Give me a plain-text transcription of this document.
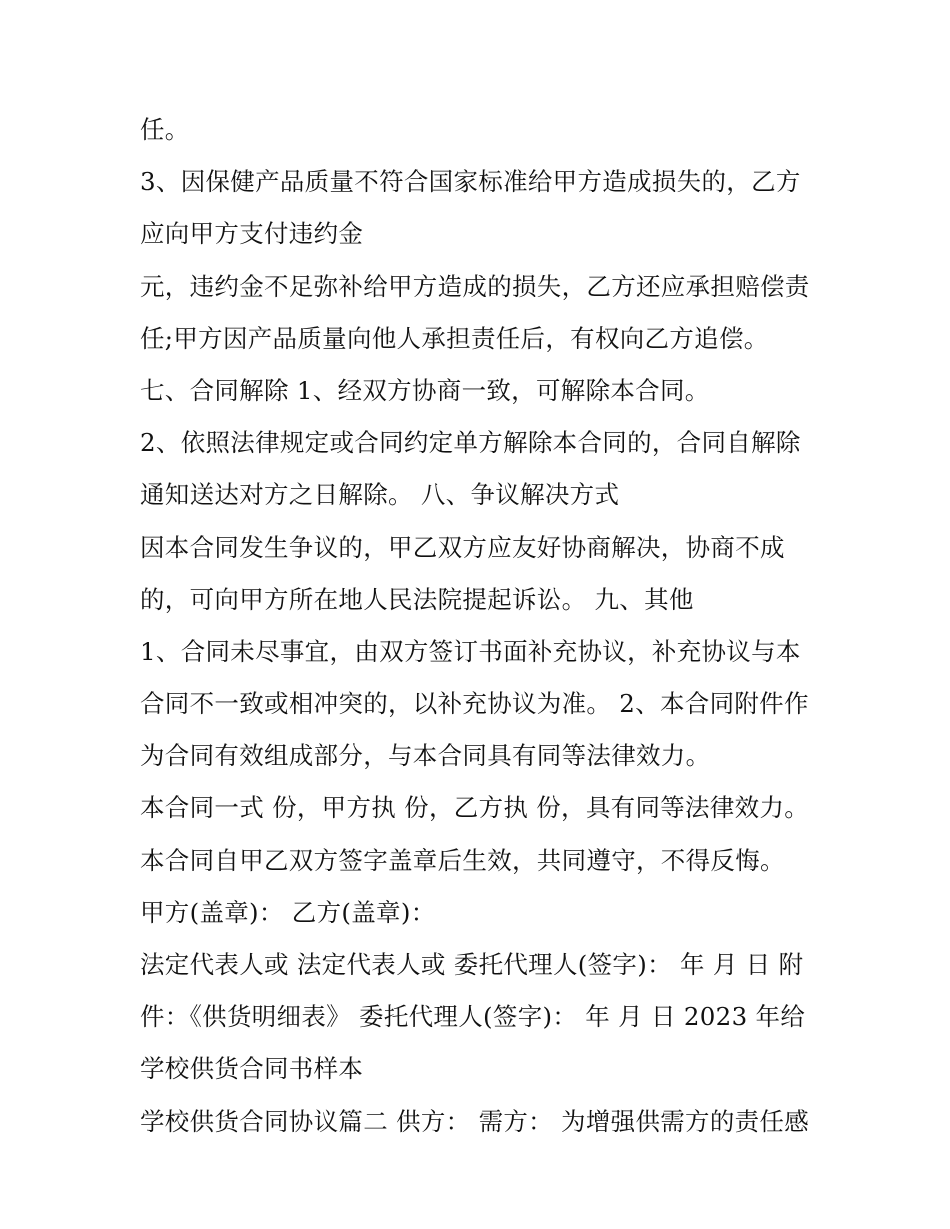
任。
3、因保健产品质量不符合国家标准给甲方造成损失的，乙方
应向甲方支付违约金
元，违约金不足弥补给甲方造成的损失，乙方还应承担赔偿责
任;甲方因产品质量向他人承担责任后，有权向乙方追偿。
七、合同解除 1、经双方协商一致，可解除本合同。
2、依照法律规定或合同约定单方解除本合同的，合同自解除
通知送达对方之日解除。 八、争议解决方式
因本合同发生争议的，甲乙双方应友好协商解决，协商不成
的，可向甲方所在地人民法院提起诉讼。 九、其他
1、合同未尽事宜，由双方签订书面补充协议，补充协议与本
合同不一致或相冲突的，以补充协议为准。 2、本合同附件作
为合同有效组成部分，与本合同具有同等法律效力。
本合同一式 份，甲方执 份，乙方执 份，具有同等法律效力。
本合同自甲乙双方签字盖章后生效，共同遵守，不得反悔。
甲方(盖章)： 乙方(盖章)：
法定代表人或 法定代表人或 委托代理人(签字)： 年 月 日 附
件：《供货明细表》 委托代理人(签字)： 年 月 日 2023 年给
学校供货合同书样本
学校供货合同协议篇二 供方： 需方： 为增强供需方的责任感
